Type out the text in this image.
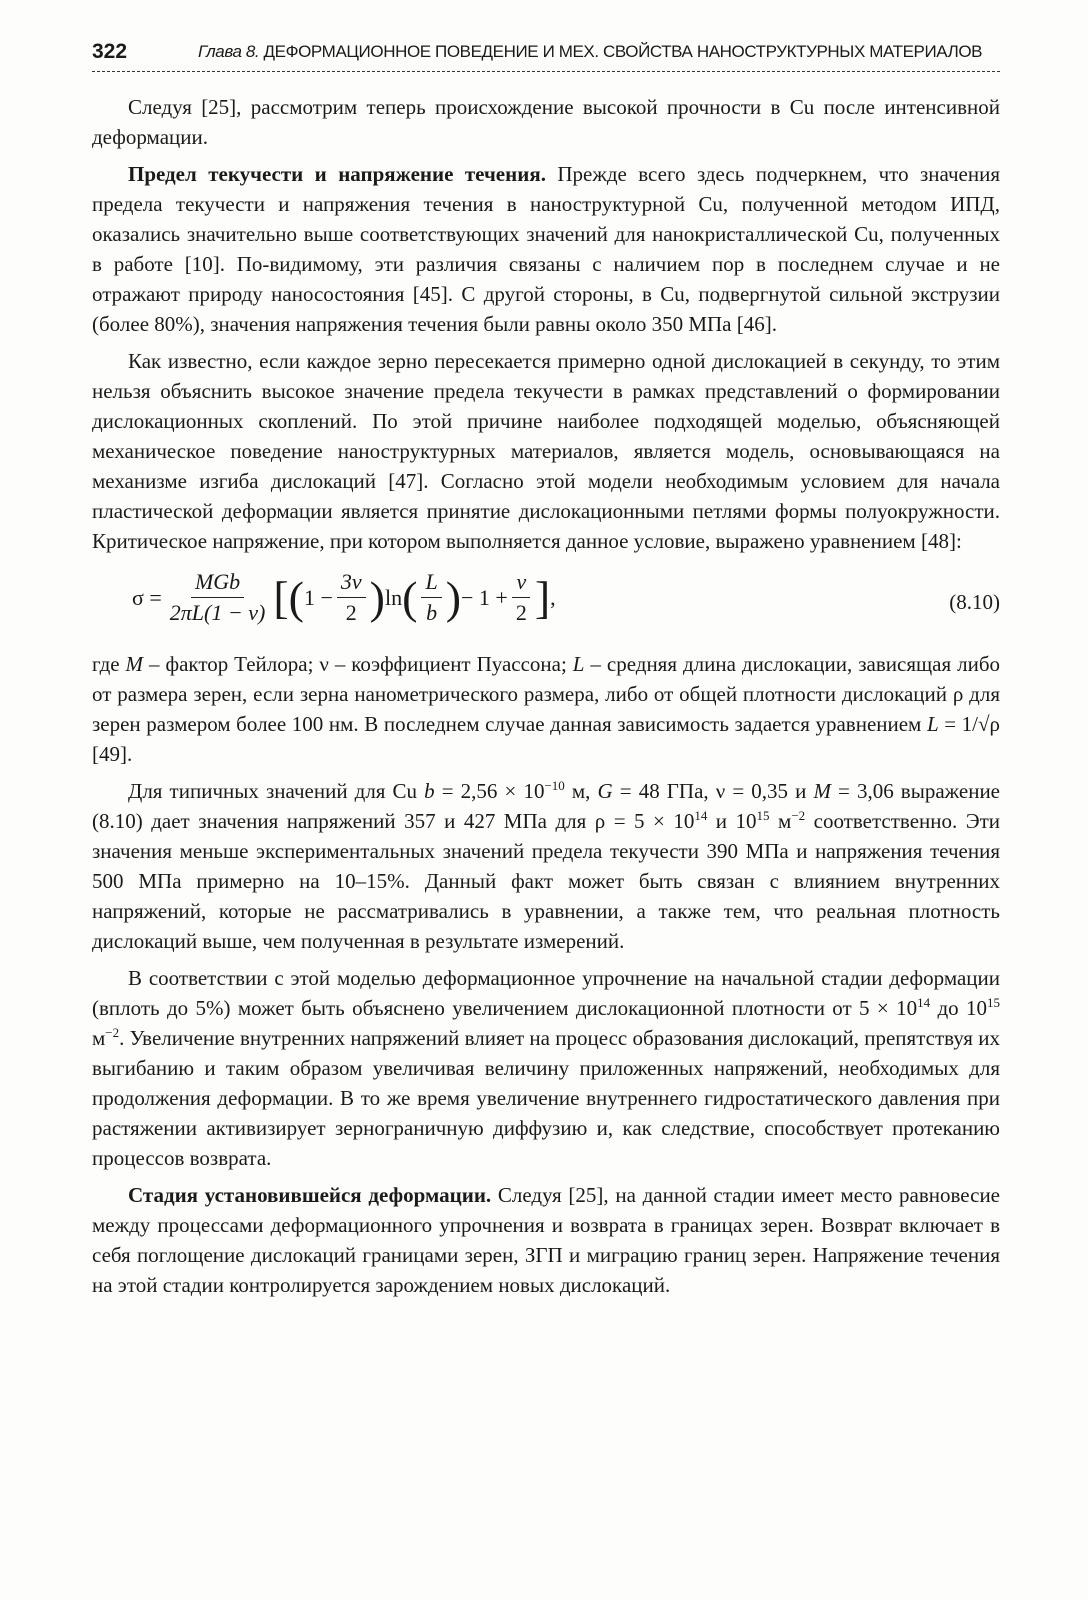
322	Глава 8. ДЕФОРМАЦИОННОЕ ПОВЕДЕНИЕ И МЕХ. СВОЙСТВА НАНОСТРУКТУРНЫХ МАТЕРИАЛОВ

Следуя [25], рассмотрим теперь происхождение высокой прочности в Cu после интенсивной деформации.

Предел текучести и напряжение течения. Прежде всего здесь подчеркнем, что значения предела текучести и напряжения течения в наноструктурной Cu, полученной методом ИПД, оказались значительно выше соответствующих значений для нанокристаллической Cu, полученных в работе [10]. По-видимому, эти различия связаны с наличием пор в последнем случае и не отражают природу наносостояния [45]. С другой стороны, в Cu, подвергнутой сильной экструзии (более 80%), значения напряжения течения были равны около 350 МПа [46].

Как известно, если каждое зерно пересекается примерно одной дислокацией в секунду, то этим нельзя объяснить высокое значение предела текучести в рамках представлений о формировании дислокационных скоплений. По этой причине наиболее подходящей моделью, объясняющей механическое поведение наноструктурных материалов, является модель, основывающаяся на механизме изгиба дислокаций [47]. Согласно этой модели необходимым условием для начала пластической деформации является принятие дислокационными петлями формы полуокружности. Критическое напряжение, при котором выполняется данное условие, выражено уравнением [48]:

$\sigma = \frac{\text{MGb}}{2\pi L(1 - \nu)}$ [ ( $1 - \frac{3\nu}{2}$ ) ln ( $\frac{L}{b}$ ) − $1 + \frac{\nu}{2}$ ] ,	(8.10)

где M – фактор Тейлора; ν – коэффициент Пуассона; L – средняя длина дислокации, зависящая либо от размера зерен, если зерна нанометрического размера, либо от общей плотности дислокаций ρ для зерен размером более 100 нм. В последнем случае данная зависимость задается уравнением L = 1/√ρ [49].

Для типичных значений для Cu $b = 2,56 \times 10^{-10}$ м, G = 48 ГПа, ν = 0,35 и M = 3,06 выражение (8.10) дает значения напряжений 357 и 427 МПа для $\rho = 5 \times 10^{14}$ и $10^{15}$ $м^{-2}$ соответственно. Эти значения меньше экспериментальных значений предела текучести 390 МПа и напряжения течения 500 МПа примерно на 10–15%. Данный факт может быть связан с влиянием внутренних напряжений, которые не рассматривались в уравнении, а также тем, что реальная плотность дислокаций выше, чем полученная в результате измерений.

В соответствии с этой моделью деформационное упрочнение на начальной стадии деформации (вплоть до 5%) может быть объяснено увеличением дислокационной плотности от $5 \times 10^{14}$ до $10^{15}$ $м^{-2}$. Увеличение внутренних напряжений влияет на процесс образования дислокаций, препятствуя их выгибанию и таким образом увеличивая величину приложенных напряжений, необходимых для продолжения деформации. В то же время увеличение внутреннего гидростатического давления при растяжении активизирует зернограничную диффузию и, как следствие, способствует протеканию процессов возврата.

Стадия установившейся деформации. Следуя [25], на данной стадии имеет место равновесие между процессами деформационного упрочнения и возврата в границах зерен. Возврат включает в себя поглощение дислокаций границами зерен, ЗГП и миграцию границ зерен. Напряжение течения на этой стадии контролируется зарождением новых дислокаций.
